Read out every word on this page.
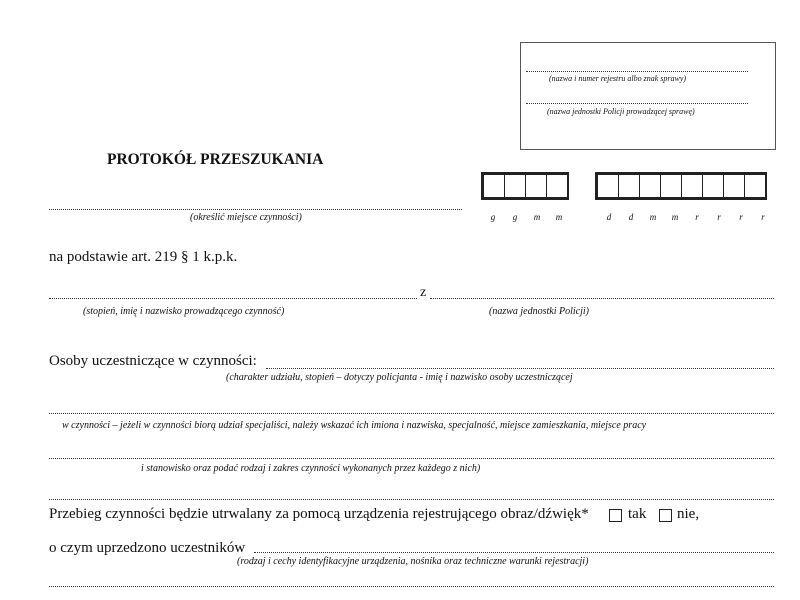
(nazwa i numer rejestru albo znak sprawy)
(nazwa jednostki Policji prowadzącej sprawę)
PROTOKÓŁ PRZESZUKANIA
g	g	m	m	d	d	m	m	r	r	r	r
(określić miejsce czynności)
na podstawie art. 219 § 1 k.p.k.
z
(stopień, imię i nazwisko prowadzącego czynność)	(nazwa jednostki Policji)
Osoby uczestniczące w czynności:
(charakter udziału, stopień – dotyczy policjanta - imię i nazwisko osoby uczestniczącej
w czynności – jeżeli w czynności biorą udział specjaliści, należy wskazać ich imiona i nazwiska, specjalność, miejsce zamieszkania, miejsce pracy
i stanowisko oraz podać rodzaj i zakres czynności wykonanych przez każdego z nich)
Przebieg czynności będzie utrwalany za pomocą urządzenia rejestrującego obraz/dźwięk*	tak nie,
o czym uprzedzono uczestników
(rodzaj i cechy identyfikacyjne urządzenia, nośnika oraz techniczne warunki rejestracji)
